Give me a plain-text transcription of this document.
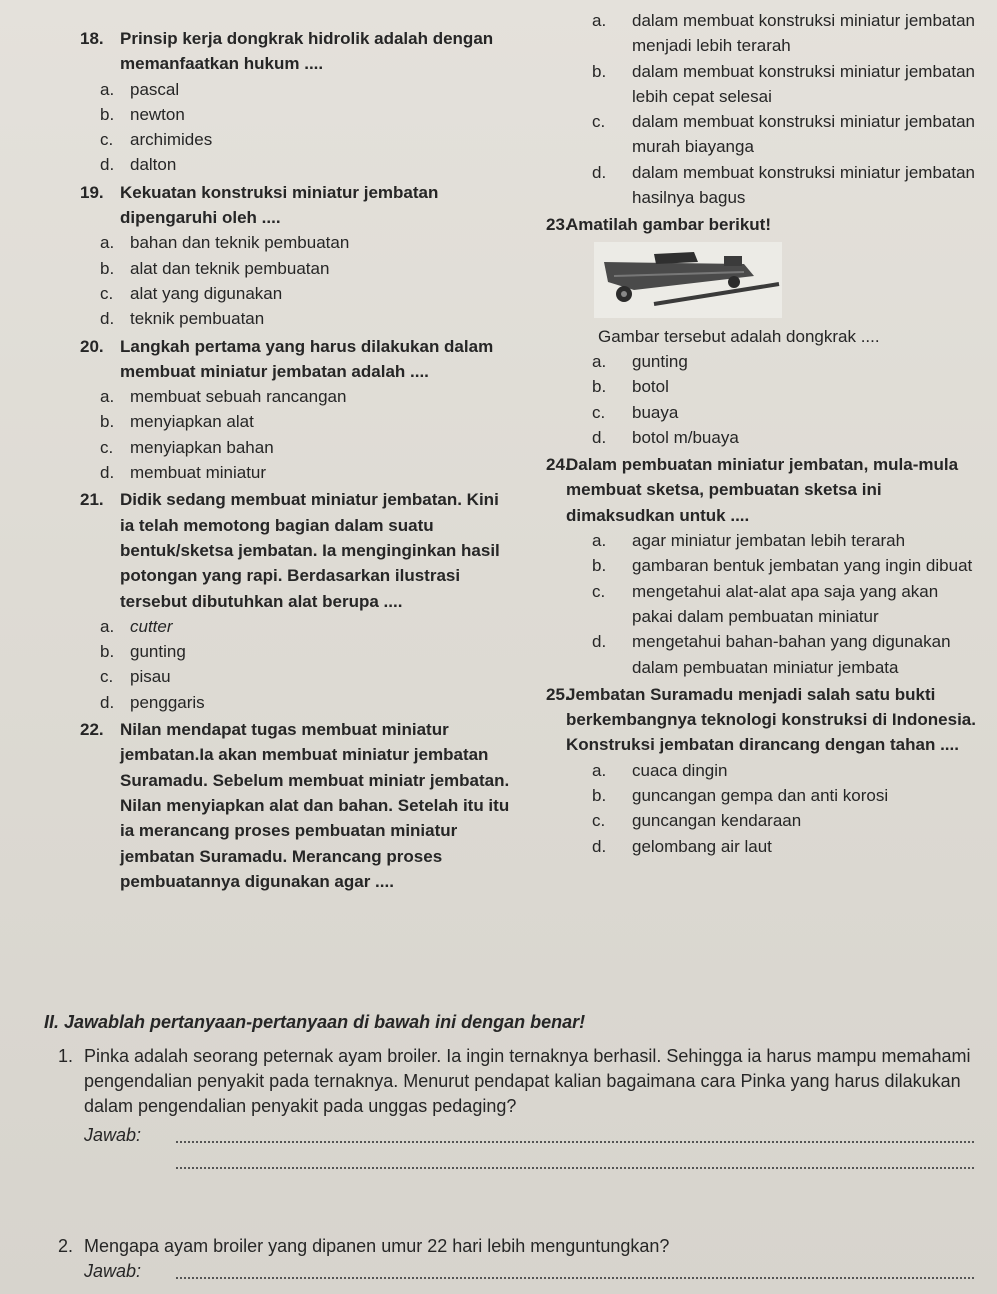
18. Prinsip kerja dongkrak hidrolik adalah dengan memanfaatkan hukum ....
a. pascal
b. newton
c. archimides
d. dalton
19. Kekuatan konstruksi miniatur jembatan dipengaruhi oleh ....
a. bahan dan teknik pembuatan
b. alat dan teknik pembuatan
c. alat yang digunakan
d. teknik pembuatan
20. Langkah pertama yang harus dilakukan dalam membuat miniatur jembatan adalah ....
a. membuat sebuah rancangan
b. menyiapkan alat
c. menyiapkan bahan
d. membuat miniatur
21. Didik sedang membuat miniatur jembatan. Kini ia telah memotong bagian dalam suatu bentuk/sketsa jembatan. Ia menginginkan hasil potongan yang rapi. Berdasarkan ilustrasi tersebut dibutuhkan alat berupa ....
a. cutter
b. gunting
c. pisau
d. penggaris
22. Nilan mendapat tugas membuat miniatur jembatan.Ia akan membuat miniatur jembatan Suramadu. Sebelum membuat miniatr jembatan. Nilan menyiapkan alat dan bahan. Setelah itu itu ia merancang proses pembuatan miniatur jembatan Suramadu. Merancang proses pembuatannya digunakan agar ....
a.	dalam membuat konstruksi miniatur jembatan menjadi lebih terarah
b.	dalam membuat konstruksi miniatur jembatan lebih cepat selesai
c.	dalam membuat konstruksi miniatur jembatan murah biayanga
d.	dalam membuat konstruksi miniatur jembatan hasilnya bagus
23.
Amatilah gambar berikut!
Gambar tersebut adalah dongkrak ....
a.	gunting
b.	botol
c.	buaya
d.	botol m/buaya
24.
Dalam pembuatan miniatur jembatan, mula-mula membuat sketsa, pembuatan sketsa ini dimaksudkan untuk ....
a.	agar miniatur jembatan lebih terarah
b.	gambaran bentuk jembatan yang ingin dibuat
c.	mengetahui alat-alat apa saja yang akan pakai dalam pembuatan miniatur
d.	mengetahui bahan-bahan yang digunakan dalam pembuatan miniatur jembata
25.
Jembatan Suramadu menjadi salah satu bukti berkembangnya teknologi konstruksi di Indonesia. Konstruksi jembatan dirancang dengan tahan ....
a.	cuaca dingin
b.	guncangan gempa dan anti korosi
c.	guncangan kendaraan
d.	gelombang air laut
II. Jawablah pertanyaan-pertanyaan di bawah ini dengan benar!
1. Pinka adalah seorang peternak ayam broiler. Ia ingin ternaknya berhasil. Sehingga ia harus mampu memahami pengendalian penyakit pada ternaknya. Menurut pendapat kalian bagaimana cara Pinka yang harus dilakukan dalam pengendalian penyakit pada unggas pedaging?
Jawab:
2. Mengapa ayam broiler yang dipanen umur 22 hari lebih menguntungkan?
Jawab:
